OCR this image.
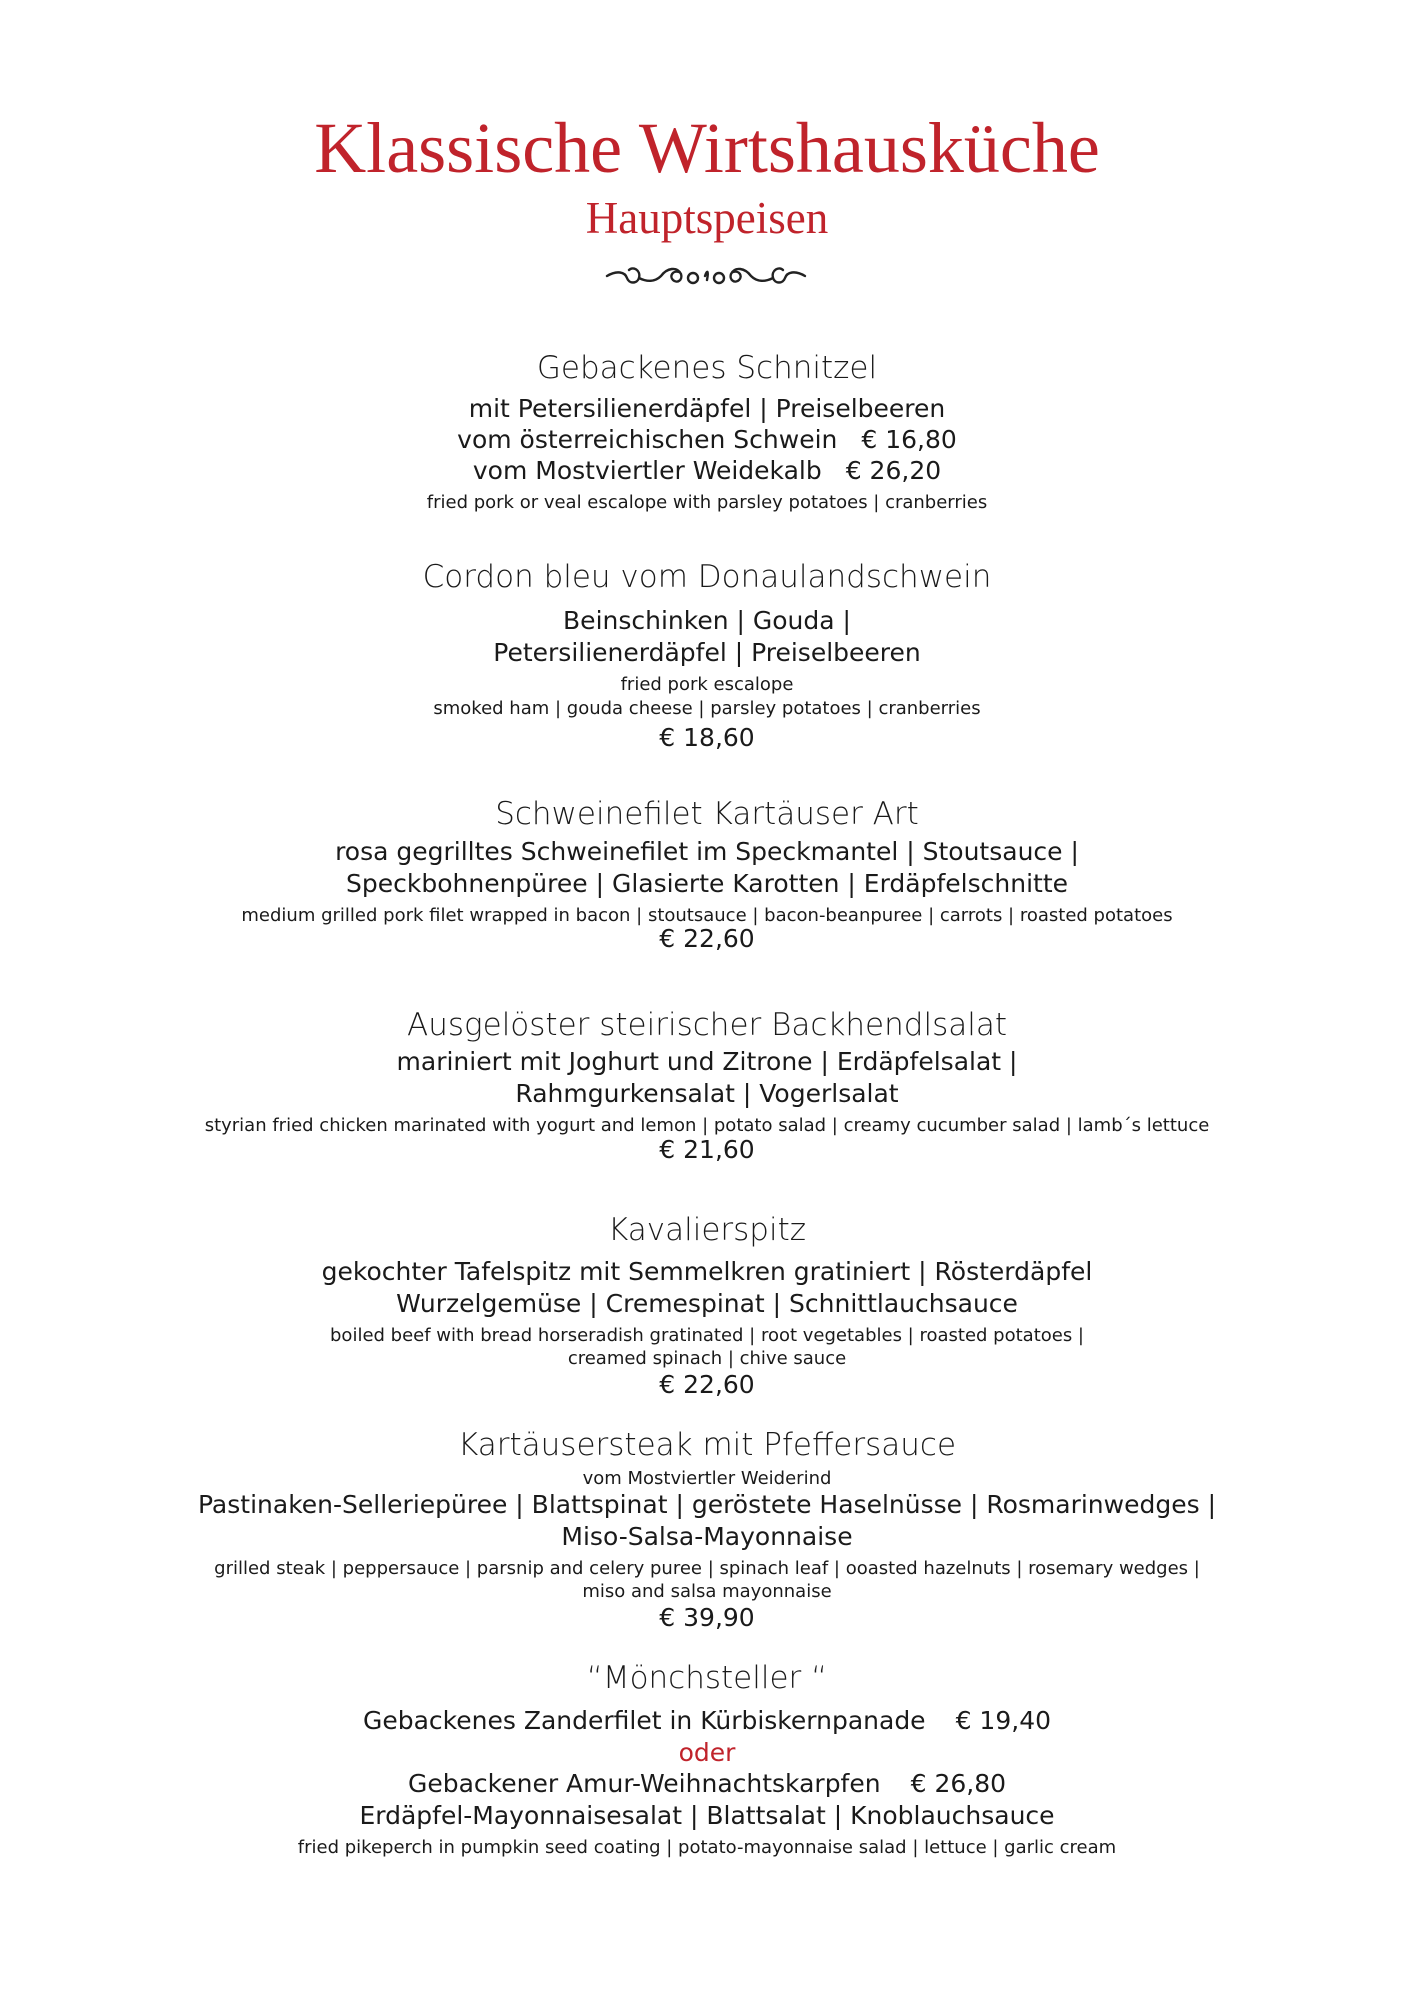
Klassische Wirtshausküche
Hauptspeisen
Gebackenes Schnitzel
mit Petersilienerdäpfel | Preiselbeeren
vom österreichischen Schwein € 16,80
vom Mostviertler Weidekalb € 26,20
fried pork or veal escalope with parsley potatoes | cranberries
Cordon bleu vom Donaulandschwein
Beinschinken | Gouda |
Petersilienerdäpfel | Preiselbeeren
fried pork escalope
smoked ham | gouda cheese | parsley potatoes | cranberries
€ 18,60
Schweinefilet Kartäuser Art
rosa gegrilltes Schweinefilet im Speckmantel | Stoutsauce |
Speckbohnenpüree | Glasierte Karotten | Erdäpfelschnitte
medium grilled pork filet wrapped in bacon | stoutsauce | bacon-beanpuree | carrots | roasted potatoes
€ 22,60
Ausgelöster steirischer Backhendlsalat
mariniert mit Joghurt und Zitrone | Erdäpfelsalat |
Rahmgurkensalat | Vogerlsalat
styrian fried chicken marinated with yogurt and lemon | potato salad | creamy cucumber salad | lamb´s lettuce
€ 21,60
Kavalierspitz
gekochter Tafelspitz mit Semmelkren gratiniert | Rösterdäpfel
Wurzelgemüse | Cremespinat | Schnittlauchsauce
boiled beef with bread horseradish gratinated | root vegetables | roasted potatoes |
creamed spinach | chive sauce
€ 22,60
Kartäusersteak mit Pfeffersauce
vom Mostviertler Weiderind
Pastinaken-Selleriepüree | Blattspinat | geröstete Haselnüsse | Rosmarinwedges |
Miso-Salsa-Mayonnaise
grilled steak | peppersauce | parsnip and celery puree | spinach leaf | ooasted hazelnuts | rosemary wedges |
miso and salsa mayonnaise
€ 39,90
“Mönchsteller “
Gebackenes Zanderfilet in Kürbiskernpanade € 19,40
oder
Gebackener Amur-Weihnachtskarpfen € 26,80
Erdäpfel-Mayonnaisesalat | Blattsalat | Knoblauchsauce
fried pikeperch in pumpkin seed coating | potato-mayonnaise salad | lettuce | garlic cream
